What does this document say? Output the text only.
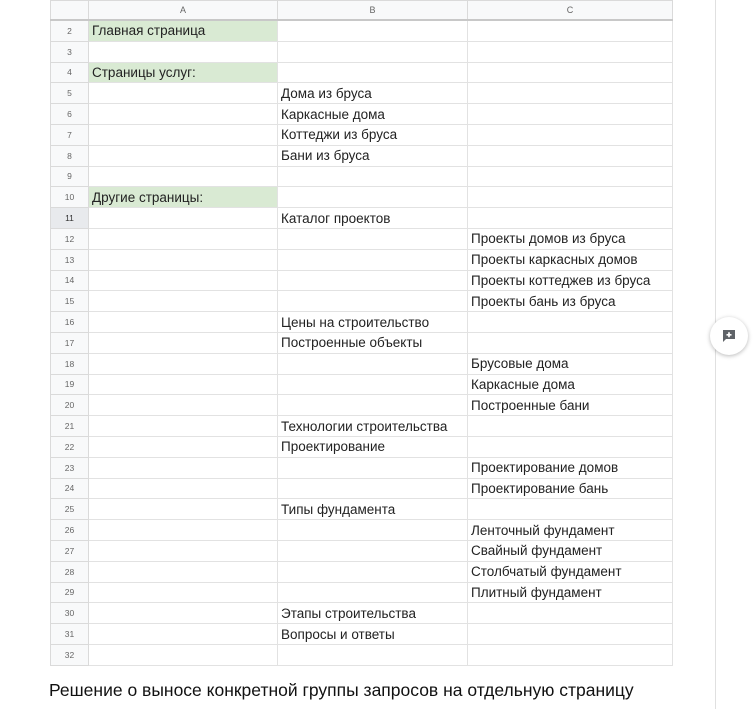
	A	B	C
2	Главная страница		
3			
4	Страницы услуг:		
5		Дома из бруса	
6		Каркасные дома	
7		Коттеджи из бруса	
8		Бани из бруса	
9			
10	Другие страницы:		
11		Каталог проектов	
12			Проекты домов из бруса
13			Проекты каркасных домов
14			Проекты коттеджев из бруса
15			Проекты бань из бруса
16		Цены на строительство	
17		Построенные объекты	
18			Брусовые дома
19			Каркасные дома
20			Построенные бани
21		Технологии строительства	
22		Проектирование	
23			Проектирование домов
24			Проектирование бань
25		Типы фундамента	
26			Ленточный фундамент
27			Свайный фундамент
28			Столбчатый фундамент
29			Плитный фундамент
30		Этапы строительства	
31		Вопросы и ответы	
32			

Решение о выносе конкретной группы запросов на отдельную страницу
